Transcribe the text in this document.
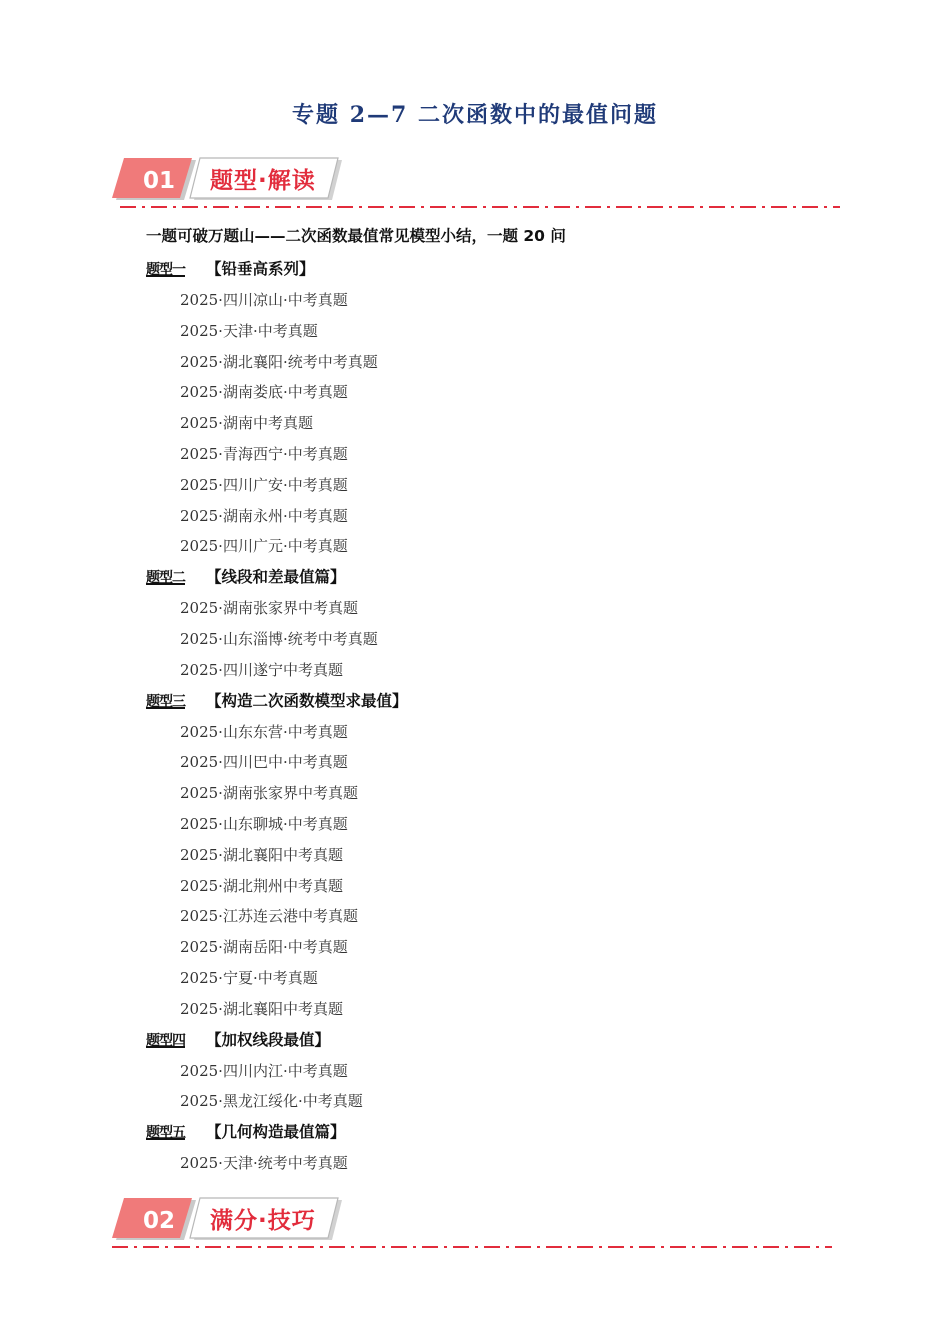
专题 2—7 二次函数中的最值问题
01	题型·解读

一题可破万题山——二次函数最值常见模型小结，一题 20 问

题型一 【铅垂高系列】
2025·四川凉山·中考真题
2025·天津·中考真题
2025·湖北襄阳·统考中考真题
2025·湖南娄底·中考真题
2025·湖南中考真题
2025·青海西宁·中考真题
2025·四川广安·中考真题
2025·湖南永州·中考真题
2025·四川广元·中考真题
题型二 【线段和差最值篇】
2025·湖南张家界中考真题
2025·山东淄博·统考中考真题
2025·四川遂宁中考真题
题型三 【构造二次函数模型求最值】
2025·山东东营·中考真题
2025·四川巴中·中考真题
2025·湖南张家界中考真题
2025·山东聊城·中考真题
2025·湖北襄阳中考真题
2025·湖北荆州中考真题
2025·江苏连云港中考真题
2025·湖南岳阳·中考真题
2025·宁夏·中考真题
2025·湖北襄阳中考真题
题型四 【加权线段最值】
2025·四川内江·中考真题
2025·黑龙江绥化·中考真题
题型五 【几何构造最值篇】
2025·天津·统考中考真题
02	满分·技巧
